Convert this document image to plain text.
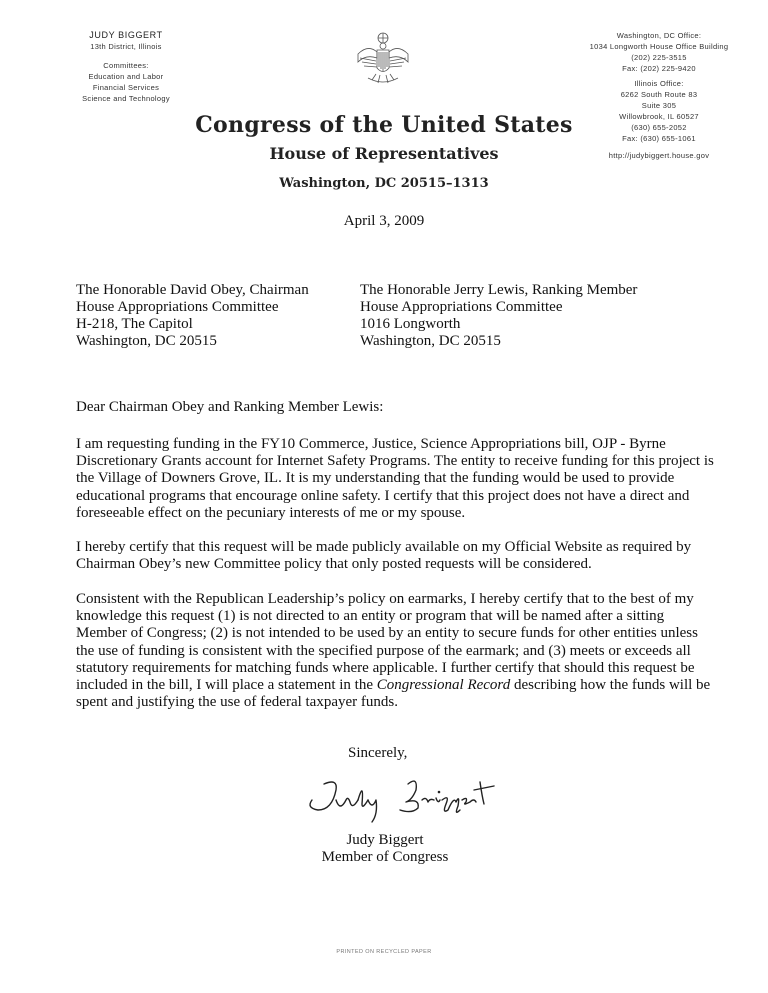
JUDY BIGGERT
13th District, Illinois
Committees:
Education and Labor
Financial Services
Science and Technology
Washington, DC Office:
1034 Longworth House Office Building
(202) 225-3515
Fax: (202) 225-9420
Illinois Office:
6262 South Route 83
Suite 305
Willowbrook, IL 60527
(630) 655-2052
Fax: (630) 655-1061
http://judybiggert.house.gov
Congress of the United States
House of Representatives
Washington, DC 20515–1313
April 3, 2009
The Honorable David Obey, Chairman
House Appropriations Committee
H-218, The Capitol
Washington, DC 20515
The Honorable Jerry Lewis, Ranking Member
House Appropriations Committee
1016 Longworth
Washington, DC 20515
Dear Chairman Obey and Ranking Member Lewis:
I am requesting funding in the FY10 Commerce, Justice, Science Appropriations bill, OJP - Byrne Discretionary Grants account for Internet Safety Programs. The entity to receive funding for this project is the Village of Downers Grove, IL. It is my understanding that the funding would be used to provide educational programs that encourage online safety. I certify that this project does not have a direct and foreseeable effect on the pecuniary interests of me or my spouse.
I hereby certify that this request will be made publicly available on my Official Website as required by Chairman Obey’s new Committee policy that only posted requests will be considered.
Consistent with the Republican Leadership’s policy on earmarks, I hereby certify that to the best of my knowledge this request (1) is not directed to an entity or program that will be named after a sitting Member of Congress; (2) is not intended to be used by an entity to secure funds for other entities unless the use of funding is consistent with the specified purpose of the earmark; and (3) meets or exceeds all statutory requirements for matching funds where applicable. I further certify that should this request be included in the bill, I will place a statement in the Congressional Record describing how the funds will be spent and justifying the use of federal taxpayer funds.
Sincerely,
Judy Biggert
Member of Congress
PRINTED ON RECYCLED PAPER
